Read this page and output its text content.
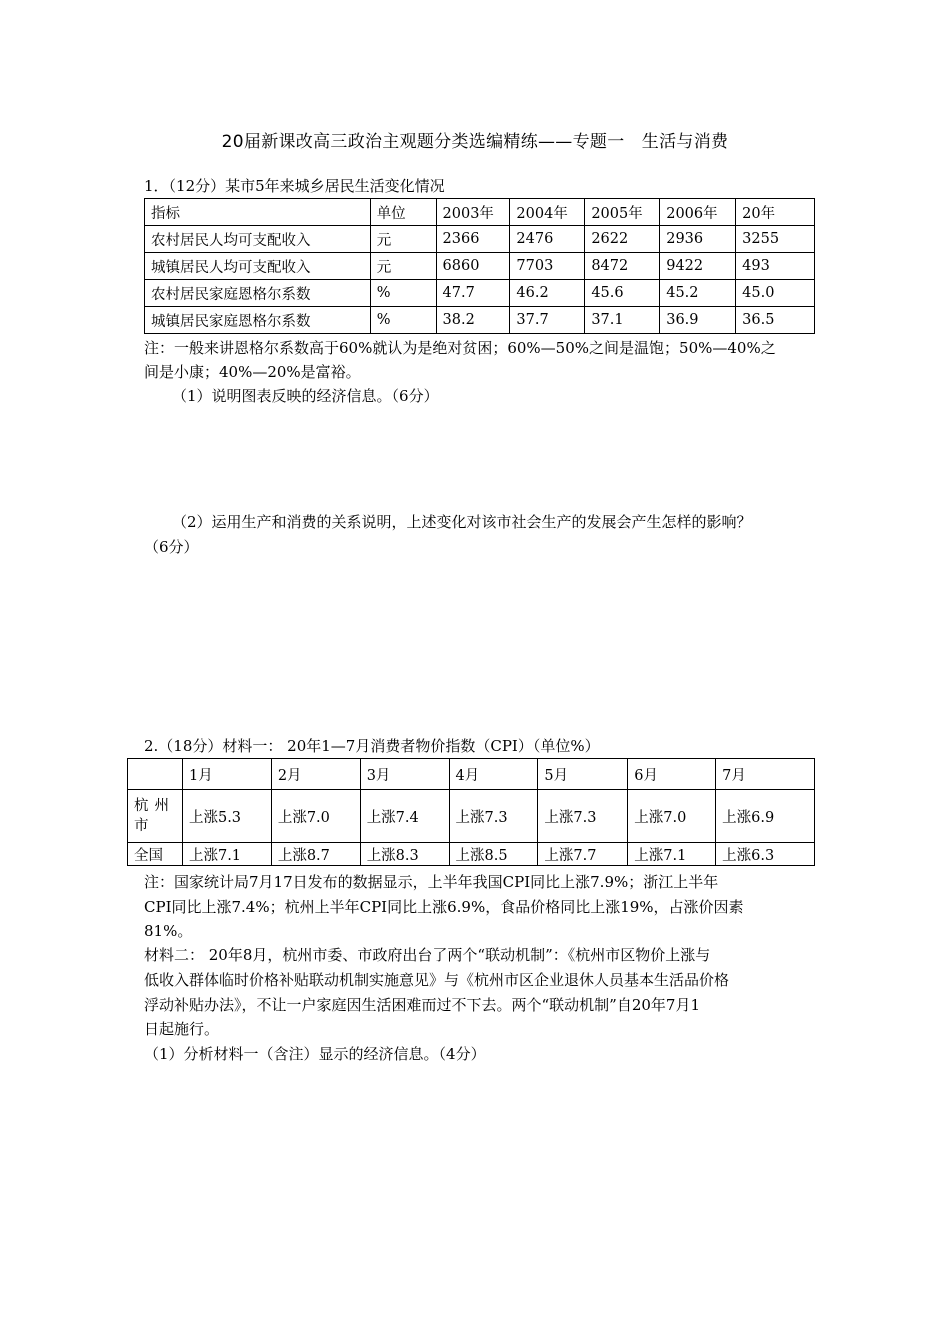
20届新课改高三政治主观题分类选编精练——专题一　生活与消费
1．（12分）某市5年来城乡居民生活变化情况
指标	单位	2003年	2004年	2005年	2006年	20年
农村居民人均可支配收入	元	2366	2476	2622	2936	3255
城镇居民人均可支配收入	元	6860	7703	8472	9422	493
农村居民家庭恩格尔系数	%	47.7	46.2	45.6	45.2	45.0
城镇居民家庭恩格尔系数	%	38.2	37.7	37.1	36.9	36.5
注：一般来讲恩格尔系数高于60%就认为是绝对贫困；60%—50%之间是温饱；50%—40%之
间是小康；40%—20%是富裕。
（1）说明图表反映的经济信息。（6分）
（2）运用生产和消费的关系说明，上述变化对该市社会生产的发展会产生怎样的影响？
（6分）
2.（18分）材料一： 20年1—7月消费者物价指数（CPI）（单位%）
	1月	2月	3月	4月	5月	6月	7月

杭州市	上涨5.3	上涨7.0	上涨7.4	上涨7.3	上涨7.3	上涨7.0	上涨6.9
全国	上涨7.1	上涨8.7	上涨8.3	上涨8.5	上涨7.7	上涨7.1	上涨6.3
注：国家统计局7月17日发布的数据显示，上半年我国CPI同比上涨7.9%；浙江上半年
CPI同比上涨7.4%；杭州上半年CPI同比上涨6.9%，食品价格同比上涨19%，占涨价因素
81%。
材料二： 20年8月，杭州市委、市政府出台了两个“联动机制”：《杭州市区物价上涨与
低收入群体临时价格补贴联动机制实施意见》与《杭州市区企业退休人员基本生活品价格
浮动补贴办法》，不让一户家庭因生活困难而过不下去。两个“联动机制”自20年7月1
日起施行。
（1）分析材料一（含注）显示的经济信息。（4分）
